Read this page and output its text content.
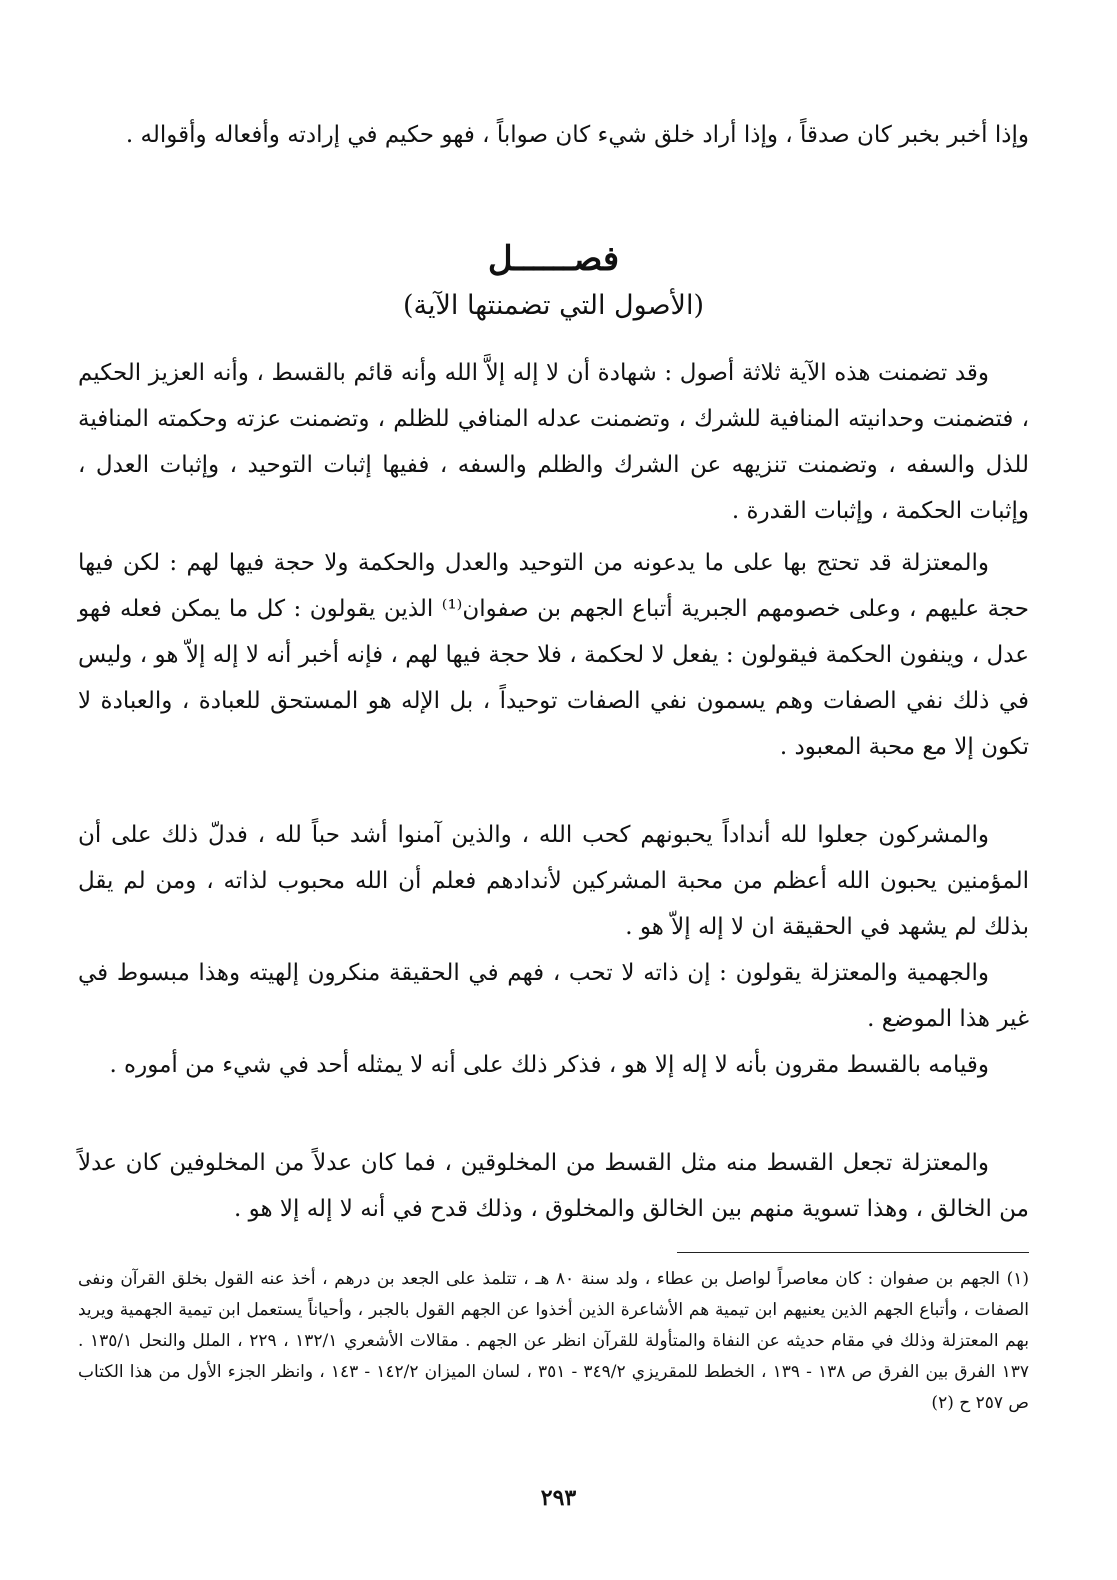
وإذا أخبر بخبر كان صدقاً ، وإذا أراد خلق شيء كان صواباً ، فهو حكيم في إرادته وأفعاله وأقواله .

فصــــــل
(الأصول التي تضمنتها الآية)

وقد تضمنت هذه الآية ثلاثة أصول : شهادة أن لا إله إلاَّ الله وأنه قائم بالقسط ، وأنه العزيز الحكيم ، فتضمنت وحدانيته المنافية للشرك ، وتضمنت عدله المنافي للظلم ، وتضمنت عزته وحكمته المنافية للذل والسفه ، وتضمنت تنزيهه عن الشرك والظلم والسفه ، ففيها إثبات التوحيد ، وإثبات العدل ، وإثبات الحكمة ، وإثبات القدرة .

والمعتزلة قد تحتج بها على ما يدعونه من التوحيد والعدل والحكمة ولا حجة فيها لهم : لكن فيها حجة عليهم ، وعلى خصومهم الجبرية أتباع الجهم بن صفوان⁽¹⁾ الذين يقولون : كل ما يمكن فعله فهو عدل ، وينفون الحكمة فيقولون : يفعل لا لحكمة ، فلا حجة فيها لهم ، فإنه أخبر أنه لا إله إلاّ هو ، وليس في ذلك نفي الصفات وهم يسمون نفي الصفات توحيداً ، بل الإله هو المستحق للعبادة ، والعبادة لا تكون إلا مع محبة المعبود .

والمشركون جعلوا لله أنداداً يحبونهم كحب الله ، والذين آمنوا أشد حباً لله ، فدلّ ذلك على أن المؤمنين يحبون الله أعظم من محبة المشركين لأندادهم فعلم أن الله محبوب لذاته ، ومن لم يقل بذلك لم يشهد في الحقيقة ان لا إله إلاّ هو .

والجهمية والمعتزلة يقولون : إن ذاته لا تحب ، فهم في الحقيقة منكرون إلهيته وهذا مبسوط في غير هذا الموضع .

وقيامه بالقسط مقرون بأنه لا إله إلا هو ، فذكر ذلك على أنه لا يمثله أحد في شيء من أموره .

والمعتزلة تجعل القسط منه مثل القسط من المخلوقين ، فما كان عدلاً من المخلوفين كان عدلاً من الخالق ، وهذا تسوية منهم بين الخالق والمخلوق ، وذلك قدح في أنه لا إله إلا هو .

(١) الجهم بن صفوان : كان معاصراً لواصل بن عطاء ، ولد سنة ٨٠ هـ ، تتلمذ على الجعد بن درهم ، أخذ عنه القول بخلق القرآن ونفى الصفات ، وأتباع الجهم الذين يعنيهم ابن تيمية هم الأشاعرة الذين أخذوا عن الجهم القول بالجبر ، وأحياناً يستعمل ابن تيمية الجهمية ويريد بهم المعتزلة وذلك في مقام حديثه عن النفاة والمتأولة للقرآن انظر عن الجهم . مقالات الأشعري ١٣٢/١ ، ٢٢٩ ، الملل والنحل ١٣٥/١ . ١٣٧ الفرق بين الفرق ص ١٣٨ - ١٣٩ ، الخطط للمقريزي ٣٤٩/٢ - ٣٥١ ، لسان الميزان ١٤٢/٢ - ١٤٣ ، وانظر الجزء الأول من هذا الكتاب ص ٢٥٧ ح (٢)

٢٩٣
